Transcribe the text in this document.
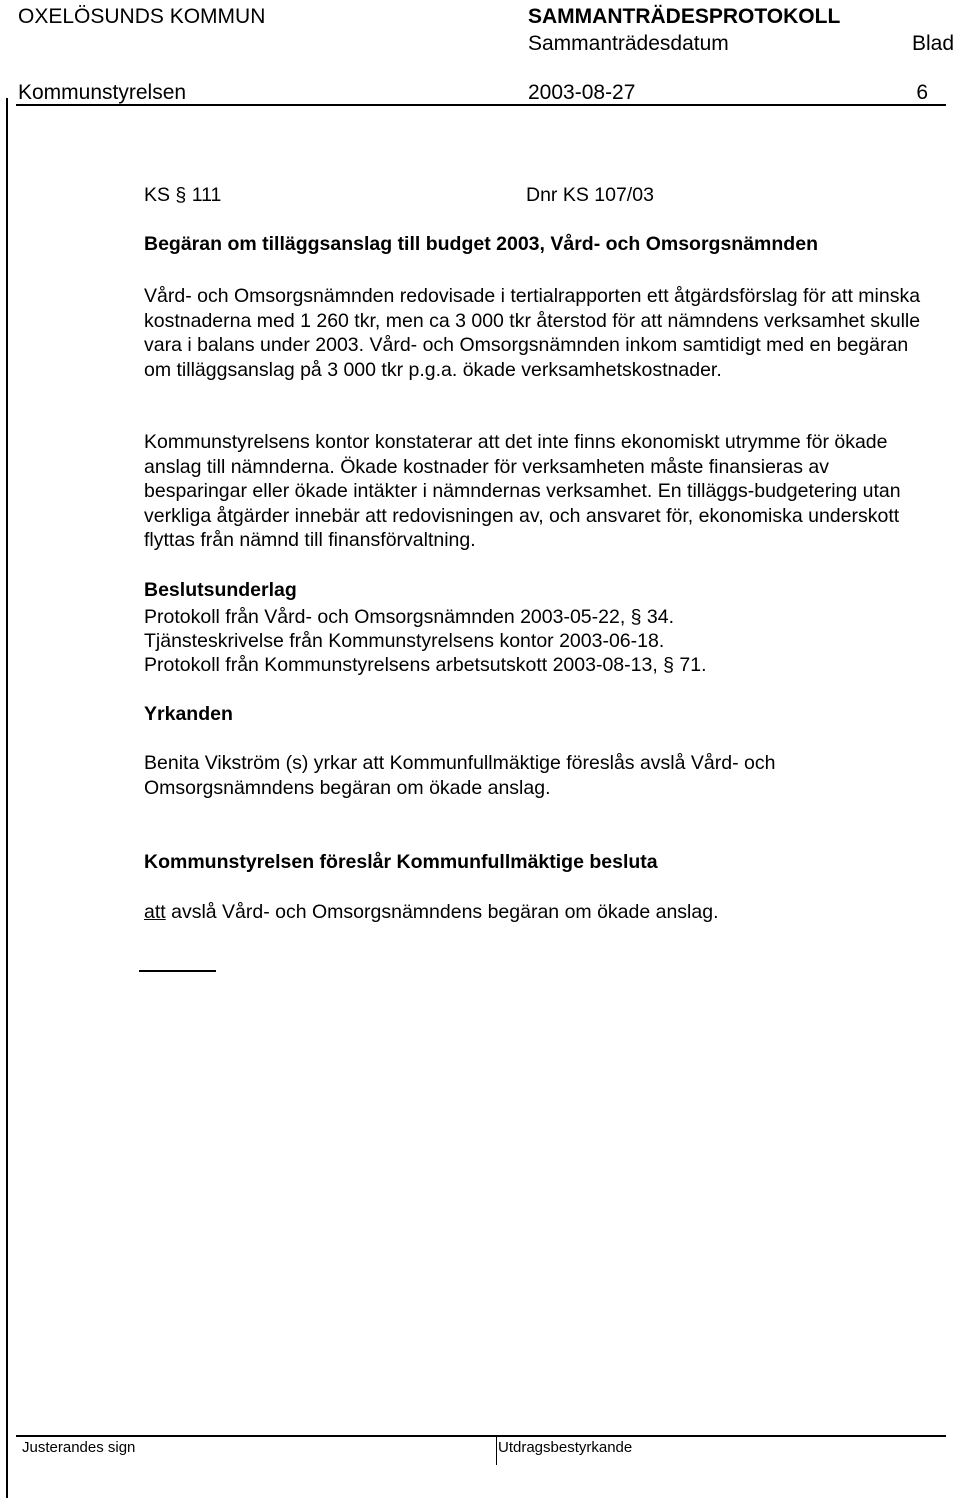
OXELÖSUNDS KOMMUN	SAMMANTRÄDESPROTOKOLL
Sammanträdesdatum	Blad
Kommunstyrelsen	2003-08-27	6
KS § 111	Dnr KS 107/03
Begäran om tilläggsanslag till budget 2003, Vård- och Omsorgsnämnden
Vård- och Omsorgsnämnden redovisade i tertialrapporten ett åtgärdsförslag för att minska kostnaderna med 1 260 tkr, men ca 3 000 tkr återstod för att nämndens verksamhet skulle vara i balans under 2003. Vård- och Omsorgsnämnden inkom samtidigt med en begäran om tilläggsanslag på 3 000 tkr p.g.a. ökade verksamhetskostnader.
Kommunstyrelsens kontor konstaterar att det inte finns ekonomiskt utrymme för ökade anslag till nämnderna. Ökade kostnader för verksamheten måste finansieras av besparingar eller ökade intäkter i nämndernas verksamhet. En tilläggs-budgetering utan verkliga åtgärder innebär att redovisningen av, och ansvaret för, ekonomiska underskott flyttas från nämnd till finansförvaltning.
Beslutsunderlag
Protokoll från Vård- och Omsorgsnämnden 2003-05-22, § 34.
Tjänsteskrivelse från Kommunstyrelsens kontor 2003-06-18.
Protokoll från Kommunstyrelsens arbetsutskott 2003-08-13, § 71.
Yrkanden
Benita Vikström (s) yrkar att Kommunfullmäktige föreslås avslå Vård- och Omsorgsnämndens begäran om ökade anslag.
Kommunstyrelsen föreslår Kommunfullmäktige besluta
att avslå Vård- och Omsorgsnämndens begäran om ökade anslag.
Justerandes sign	Utdragsbestyrkande
